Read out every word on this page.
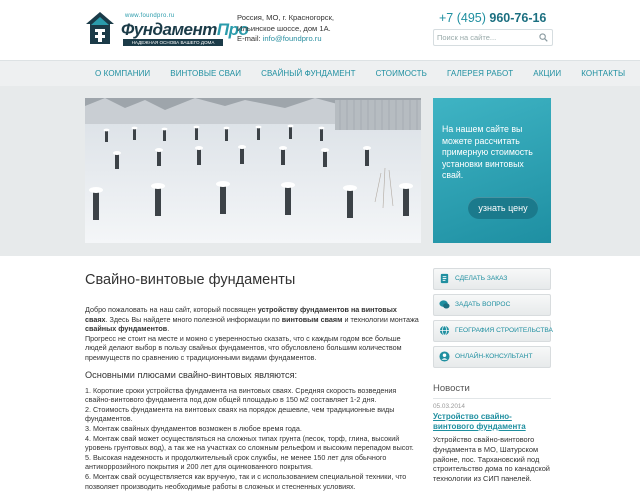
www.foundpro.ru
ФундаментПро
НАДЕЖНАЯ ОСНОВА ВАШЕГО ДОМА
Россия, МО, г. Красногорск,
Ильинское шоссе, дом 1А.
E-mail: info@foundpro.ru
+7 (495) 960-76-16
Поиск на сайте...
О КОМПАНИИ	ВИНТОВЫЕ СВАИ	СВАЙНЫЙ ФУНДАМЕНТ	СТОИМОСТЬ	ГАЛЕРЕЯ РАБОТ	АКЦИИ	КОНТАКТЫ
На нашем сайте вы можете рассчитать примерную стоимость установки винтовых свай.
узнать цену
Свайно-винтовые фундаменты

Добро пожаловать на наш сайт, который посвящен устройству фундаментов на винтовых сваях. Здесь Вы найдете много полезной информации по винтовым сваям и технологии монтажа свайных фундаментов.

Прогресс не стоит на месте и можно с уверенностью сказать, что с каждым годом все больше людей делают выбор в пользу свайных фундаментов, что обусловлено большим количеством преимуществ по сравнению с традиционными видами фундаментов.

Основными плюсами свайно-винтовых являются:

1. Короткие сроки устройства фундамента на винтовых сваях. Средняя скорость возведения свайно-винтового фундамента под дом общей площадью в 150 м2 составляет 1-2 дня.

2. Стоимость фундамента на винтовых сваях на порядок дешевле, чем традиционные виды фундаментов.

3. Монтаж свайных фундаментов возможен в любое время года.

4. Монтаж свай может осуществляться на сложных типах грунта (песок, торф, глина, высокий уровень грунтовых вод), а так же на участках со сложным рельефом и высоким перепадом высот.

5. Высокая надежность и продолжительный срок службы, не менее 150 лет для обычного антикоррозийного покрытия и 200 лет для оцинкованного покрытия.

6. Монтаж свай осуществляется как вручную, так и с использованием специальной техники, что позволяет производить необходимые работы в сложных и стесненных условиях.

СДЕЛАТЬ ЗАКАЗ
ЗАДАТЬ ВОПРОС
ГЕОГРАФИЯ СТРОИТЕЛЬСТВА
ОНЛАЙН-КОНСУЛЬТАНТ
Новости
05.03.2014
Устройство свайно-винтового фундамента
Устройство свайно-винтового фундамента в МО, Шатурском районе, пос. Тархановский под строительство дома по канадской технологии из СИП панелей.
